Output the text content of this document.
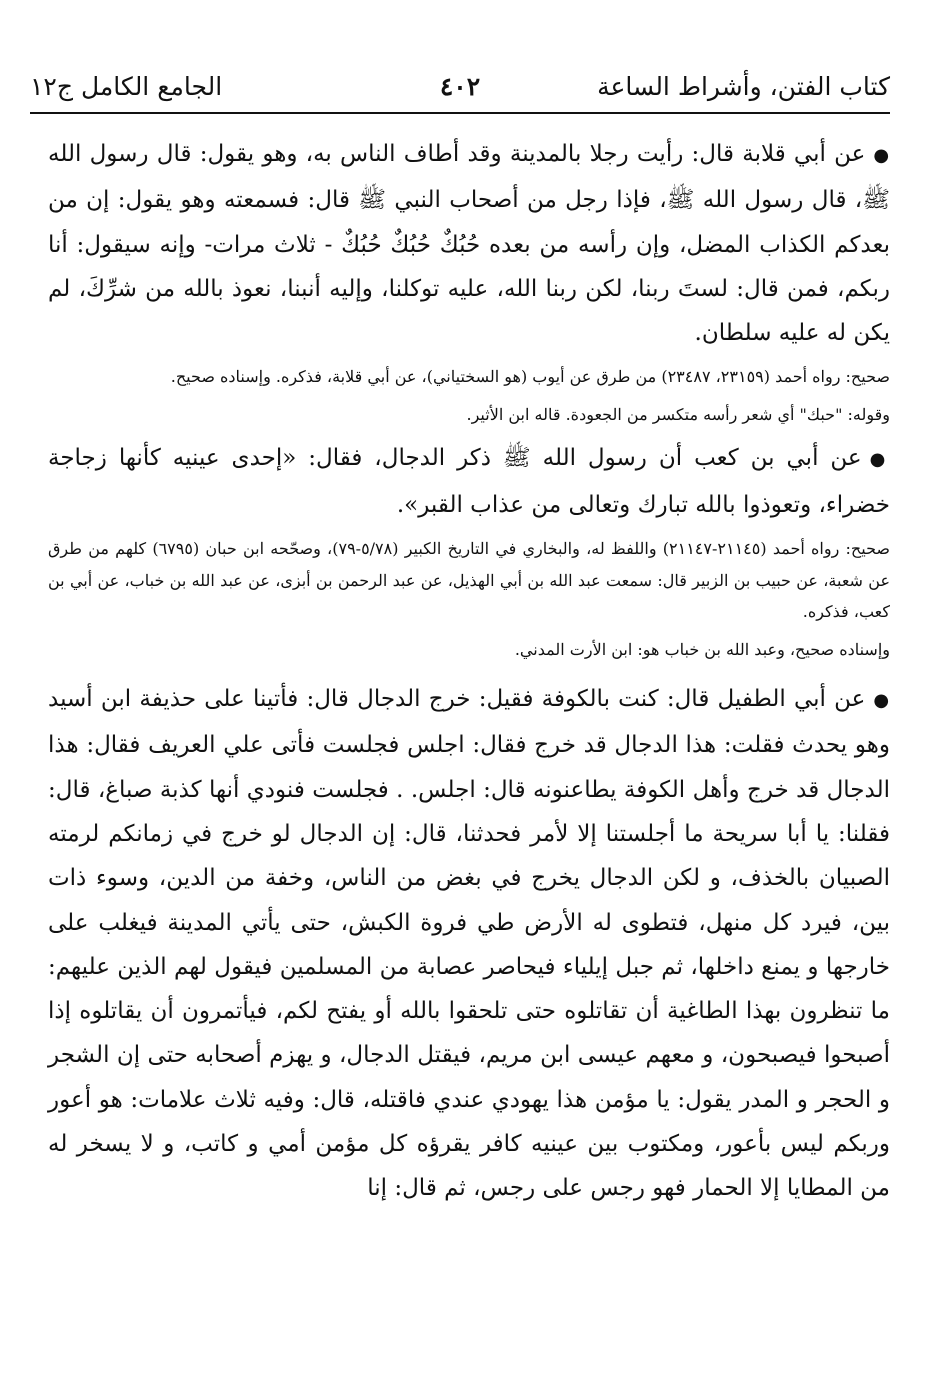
كتاب الفتن، وأشراط الساعة
٤٠٢
الجامع الكامل ج١٢

●عن أبي قلابة قال: رأيت رجلا بالمدينة وقد أطاف الناس به، وهو يقول: قال رسول الله ﷺ، قال رسول الله ﷺ، فإذا رجل من أصحاب النبي ﷺ قال: فسمعته وهو يقول: إن من بعدكم الكذاب المضل، وإن رأسه من بعده حُبُكٌ حُبُكٌ حُبُكٌ - ثلاث مرات- وإنه سيقول: أنا ربكم، فمن قال: لستَ ربنا، لكن ربنا الله، عليه توكلنا، وإليه أنبنا، نعوذ بالله من شرِّكَ، لم يكن له عليه سلطان.

صحيح: رواه أحمد (٢٣١٥٩، ٢٣٤٨٧) من طرق عن أيوب (هو السختياني)، عن أبي قلابة، فذكره. وإسناده صحيح.

وقوله: "حبك" أي شعر رأسه متكسر من الجعودة. قاله ابن الأثير.

●عن أبي بن كعب أن رسول الله ﷺ ذكر الدجال، فقال: «إحدى عينيه كأنها زجاجة خضراء، وتعوذوا بالله تبارك وتعالى من عذاب القبر».

صحيح: رواه أحمد (٢١١٤٥-٢١١٤٧) واللفظ له، والبخاري في التاريخ الكبير (٥/٧٨-٧٩)، وصحّحه ابن حبان (٦٧٩٥) كلهم من طرق عن شعبة، عن حبيب بن الزبير قال: سمعت عبد الله بن أبي الهذيل، عن عبد الرحمن بن أبزى، عن عبد الله بن خباب، عن أبي بن كعب، فذكره.

وإسناده صحيح، وعبد الله بن خباب هو: ابن الأرت المدني.

●عن أبي الطفيل قال: كنت بالكوفة فقيل: خرج الدجال قال: فأتينا على حذيفة ابن أسيد وهو يحدث فقلت: هذا الدجال قد خرج فقال: اجلس فجلست فأتى علي العريف فقال: هذا الدجال قد خرج وأهل الكوفة يطاعنونه قال: اجلس. . فجلست فنودي أنها كذبة صباغ، قال: فقلنا: يا أبا سريحة ما أجلستنا إلا لأمر فحدثنا، قال: إن الدجال لو خرج في زمانكم لرمته الصبيان بالخذف، و لكن الدجال يخرج في بغض من الناس، وخفة من الدين، وسوء ذات بين، فيرد كل منهل، فتطوى له الأرض طي فروة الكبش، حتى يأتي المدينة فيغلب على خارجها و يمنع داخلها، ثم جبل إيلياء فيحاصر عصابة من المسلمين فيقول لهم الذين عليهم: ما تنظرون بهذا الطاغية أن تقاتلوه حتى تلحقوا بالله أو يفتح لكم، فيأتمرون أن يقاتلوه إذا أصبحوا فيصبحون، و معهم عيسى ابن مريم، فيقتل الدجال، و يهزم أصحابه حتى إن الشجر و الحجر و المدر يقول: يا مؤمن هذا يهودي عندي فاقتله، قال: وفيه ثلاث علامات: هو أعور وربكم ليس بأعور، ومكتوب بين عينيه كافر يقرؤه كل مؤمن أمي و كاتب، و لا يسخر له من المطايا إلا الحمار فهو رجس على رجس، ثم قال: إنا
